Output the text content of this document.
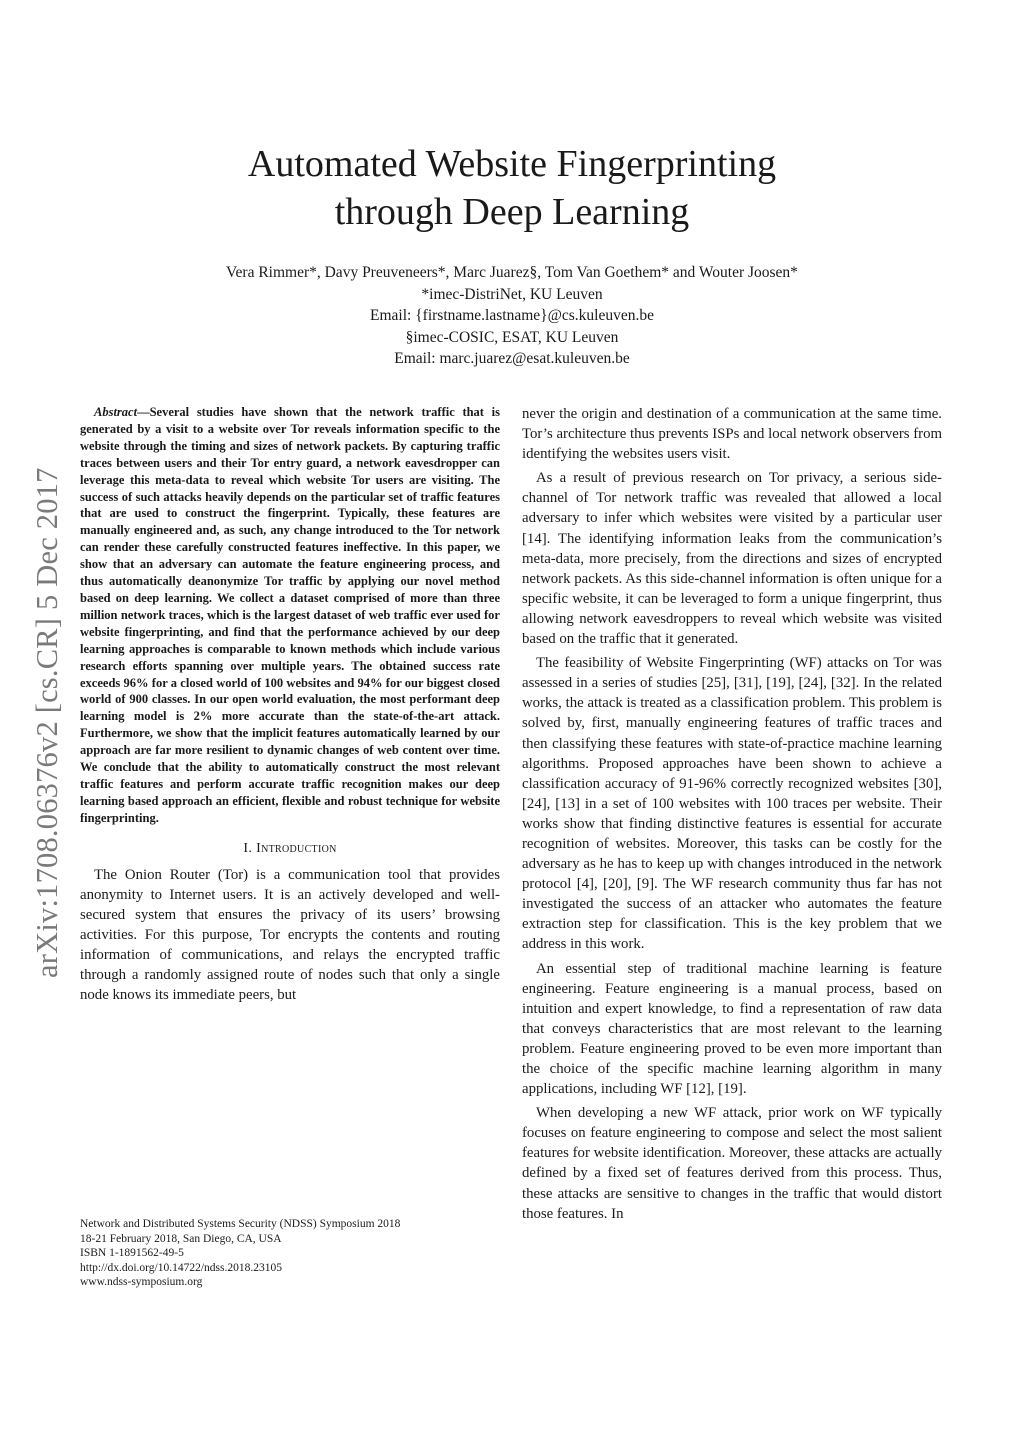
arXiv:1708.06376v2 [cs.CR] 5 Dec 2017
Automated Website Fingerprinting
through Deep Learning
Vera Rimmer*, Davy Preuveneers*, Marc Juarez§, Tom Van Goethem* and Wouter Joosen*
*imec-DistriNet, KU Leuven
Email: {firstname.lastname}@cs.kuleuven.be
§imec-COSIC, ESAT, KU Leuven
Email: marc.juarez@esat.kuleuven.be

Abstract—Several studies have shown that the network traffic that is generated by a visit to a website over Tor reveals information specific to the website through the timing and sizes of network packets. By capturing traffic traces between users and their Tor entry guard, a network eavesdropper can leverage this meta-data to reveal which website Tor users are visiting. The success of such attacks heavily depends on the particular set of traffic features that are used to construct the fingerprint. Typically, these features are manually engineered and, as such, any change introduced to the Tor network can render these carefully constructed features ineffective. In this paper, we show that an adversary can automate the feature engineering process, and thus automatically deanonymize Tor traffic by applying our novel method based on deep learning. We collect a dataset comprised of more than three million network traces, which is the largest dataset of web traffic ever used for website fingerprinting, and find that the performance achieved by our deep learning approaches is comparable to known methods which include various research efforts spanning over multiple years. The obtained success rate exceeds 96% for a closed world of 100 websites and 94% for our biggest closed world of 900 classes. In our open world evaluation, the most performant deep learning model is 2% more accurate than the state-of-the-art attack. Furthermore, we show that the implicit features automatically learned by our approach are far more resilient to dynamic changes of web content over time. We conclude that the ability to automatically construct the most relevant traffic features and perform accurate traffic recognition makes our deep learning based approach an efficient, flexible and robust technique for website fingerprinting.

I. Introduction

The Onion Router (Tor) is a communication tool that provides anonymity to Internet users. It is an actively developed and well-secured system that ensures the privacy of its users’ browsing activities. For this purpose, Tor encrypts the contents and routing information of communications, and relays the encrypted traffic through a randomly assigned route of nodes such that only a single node knows its immediate peers, but

Network and Distributed Systems Security (NDSS) Symposium 2018
18-21 February 2018, San Diego, CA, USA
ISBN 1-1891562-49-5
http://dx.doi.org/10.14722/ndss.2018.23105
www.ndss-symposium.org

never the origin and destination of a communication at the same time. Tor’s architecture thus prevents ISPs and local network observers from identifying the websites users visit.

As a result of previous research on Tor privacy, a serious side-channel of Tor network traffic was revealed that allowed a local adversary to infer which websites were visited by a particular user [14]. The identifying information leaks from the communication’s meta-data, more precisely, from the directions and sizes of encrypted network packets. As this side-channel information is often unique for a specific website, it can be leveraged to form a unique fingerprint, thus allowing network eavesdroppers to reveal which website was visited based on the traffic that it generated.

The feasibility of Website Fingerprinting (WF) attacks on Tor was assessed in a series of studies [25], [31], [19], [24], [32]. In the related works, the attack is treated as a classification problem. This problem is solved by, first, manually engineering features of traffic traces and then classifying these features with state-of-practice machine learning algorithms. Proposed approaches have been shown to achieve a classification accuracy of 91-96% correctly recognized websites [30], [24], [13] in a set of 100 websites with 100 traces per website. Their works show that finding distinctive features is essential for accurate recognition of websites. Moreover, this tasks can be costly for the adversary as he has to keep up with changes introduced in the network protocol [4], [20], [9]. The WF research community thus far has not investigated the success of an attacker who automates the feature extraction step for classification. This is the key problem that we address in this work.

An essential step of traditional machine learning is feature engineering. Feature engineering is a manual process, based on intuition and expert knowledge, to find a representation of raw data that conveys characteristics that are most relevant to the learning problem. Feature engineering proved to be even more important than the choice of the specific machine learning algorithm in many applications, including WF [12], [19].

When developing a new WF attack, prior work on WF typically focuses on feature engineering to compose and select the most salient features for website identification. Moreover, these attacks are actually defined by a fixed set of features derived from this process. Thus, these attacks are sensitive to changes in the traffic that would distort those features. In
